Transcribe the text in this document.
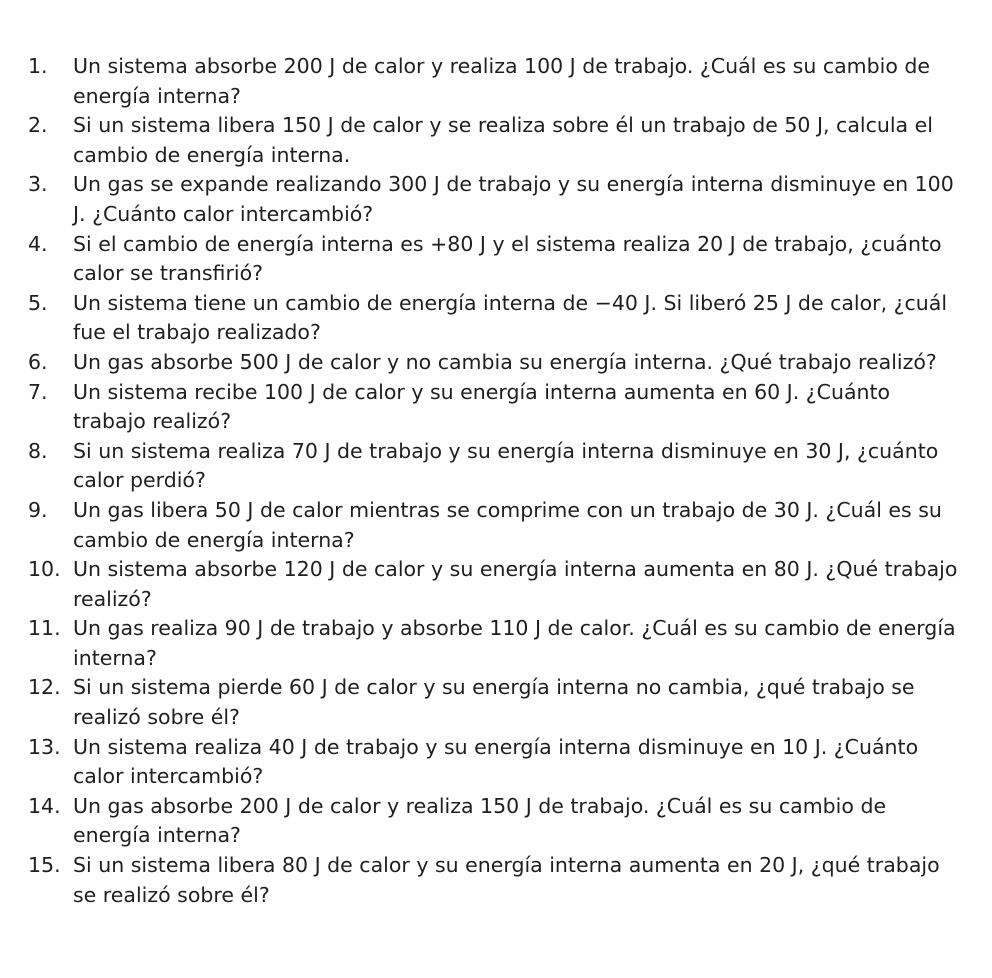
1.	Un sistema absorbe 200 J de calor y realiza 100 J de trabajo. ¿Cuál es su cambio de energía interna?
2.	Si un sistema libera 150 J de calor y se realiza sobre él un trabajo de 50 J, calcula el cambio de energía interna.
3.	Un gas se expande realizando 300 J de trabajo y su energía interna disminuye en 100 J. ¿Cuánto calor intercambió?
4.	Si el cambio de energía interna es +80 J y el sistema realiza 20 J de trabajo, ¿cuánto calor se transfirió?
5.	Un sistema tiene un cambio de energía interna de −40 J. Si liberó 25 J de calor, ¿cuál fue el trabajo realizado?
6.	Un gas absorbe 500 J de calor y no cambia su energía interna. ¿Qué trabajo realizó?
7.	Un sistema recibe 100 J de calor y su energía interna aumenta en 60 J. ¿Cuánto trabajo realizó?
8.	Si un sistema realiza 70 J de trabajo y su energía interna disminuye en 30 J, ¿cuánto calor perdió?
9.	Un gas libera 50 J de calor mientras se comprime con un trabajo de 30 J. ¿Cuál es su cambio de energía interna?
10. Un sistema absorbe 120 J de calor y su energía interna aumenta en 80 J. ¿Qué trabajo realizó?
11. Un gas realiza 90 J de trabajo y absorbe 110 J de calor. ¿Cuál es su cambio de energía interna?
12. Si un sistema pierde 60 J de calor y su energía interna no cambia, ¿qué trabajo se realizó sobre él?
13. Un sistema realiza 40 J de trabajo y su energía interna disminuye en 10 J. ¿Cuánto calor intercambió?
14. Un gas absorbe 200 J de calor y realiza 150 J de trabajo. ¿Cuál es su cambio de energía interna?
15. Si un sistema libera 80 J de calor y su energía interna aumenta en 20 J, ¿qué trabajo se realizó sobre él?
